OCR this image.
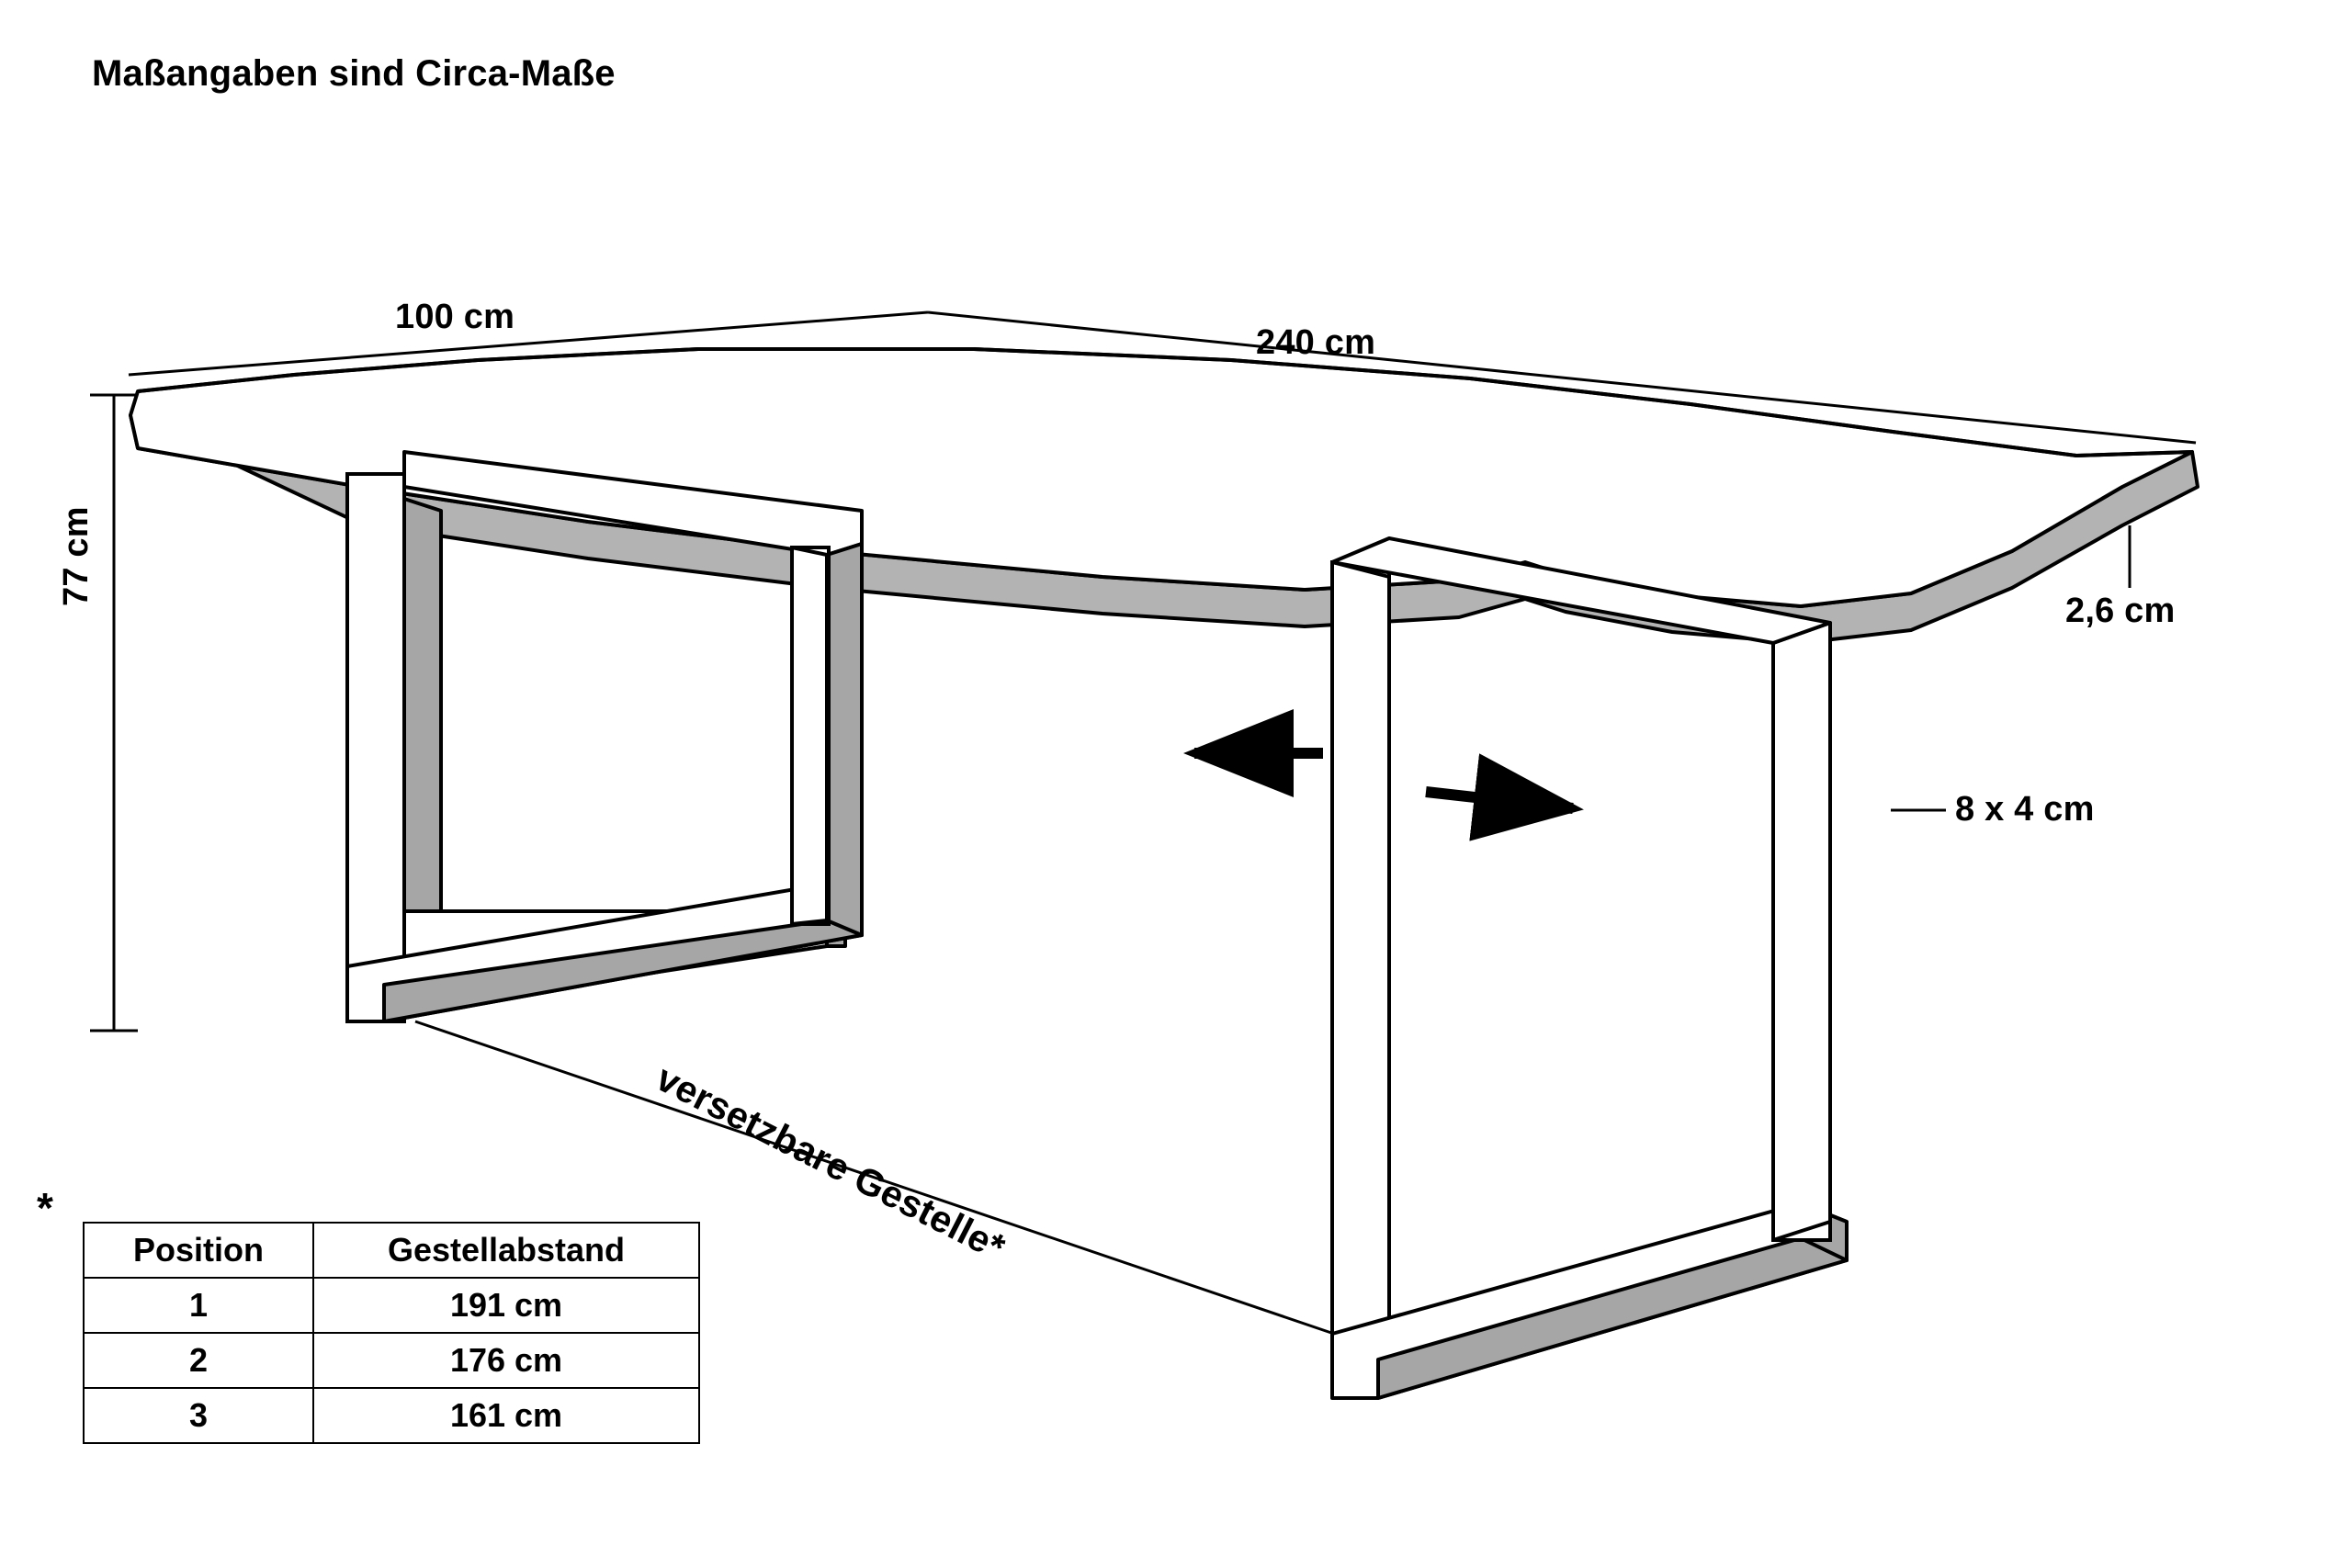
Maßangaben sind Circa-Maße
100 cm
240 cm
77 cm
2,6 cm
8 x 4 cm
versetzbare Gestelle*
*
Position	Gestellabstand
1	191 cm
2	176 cm
3	161 cm
